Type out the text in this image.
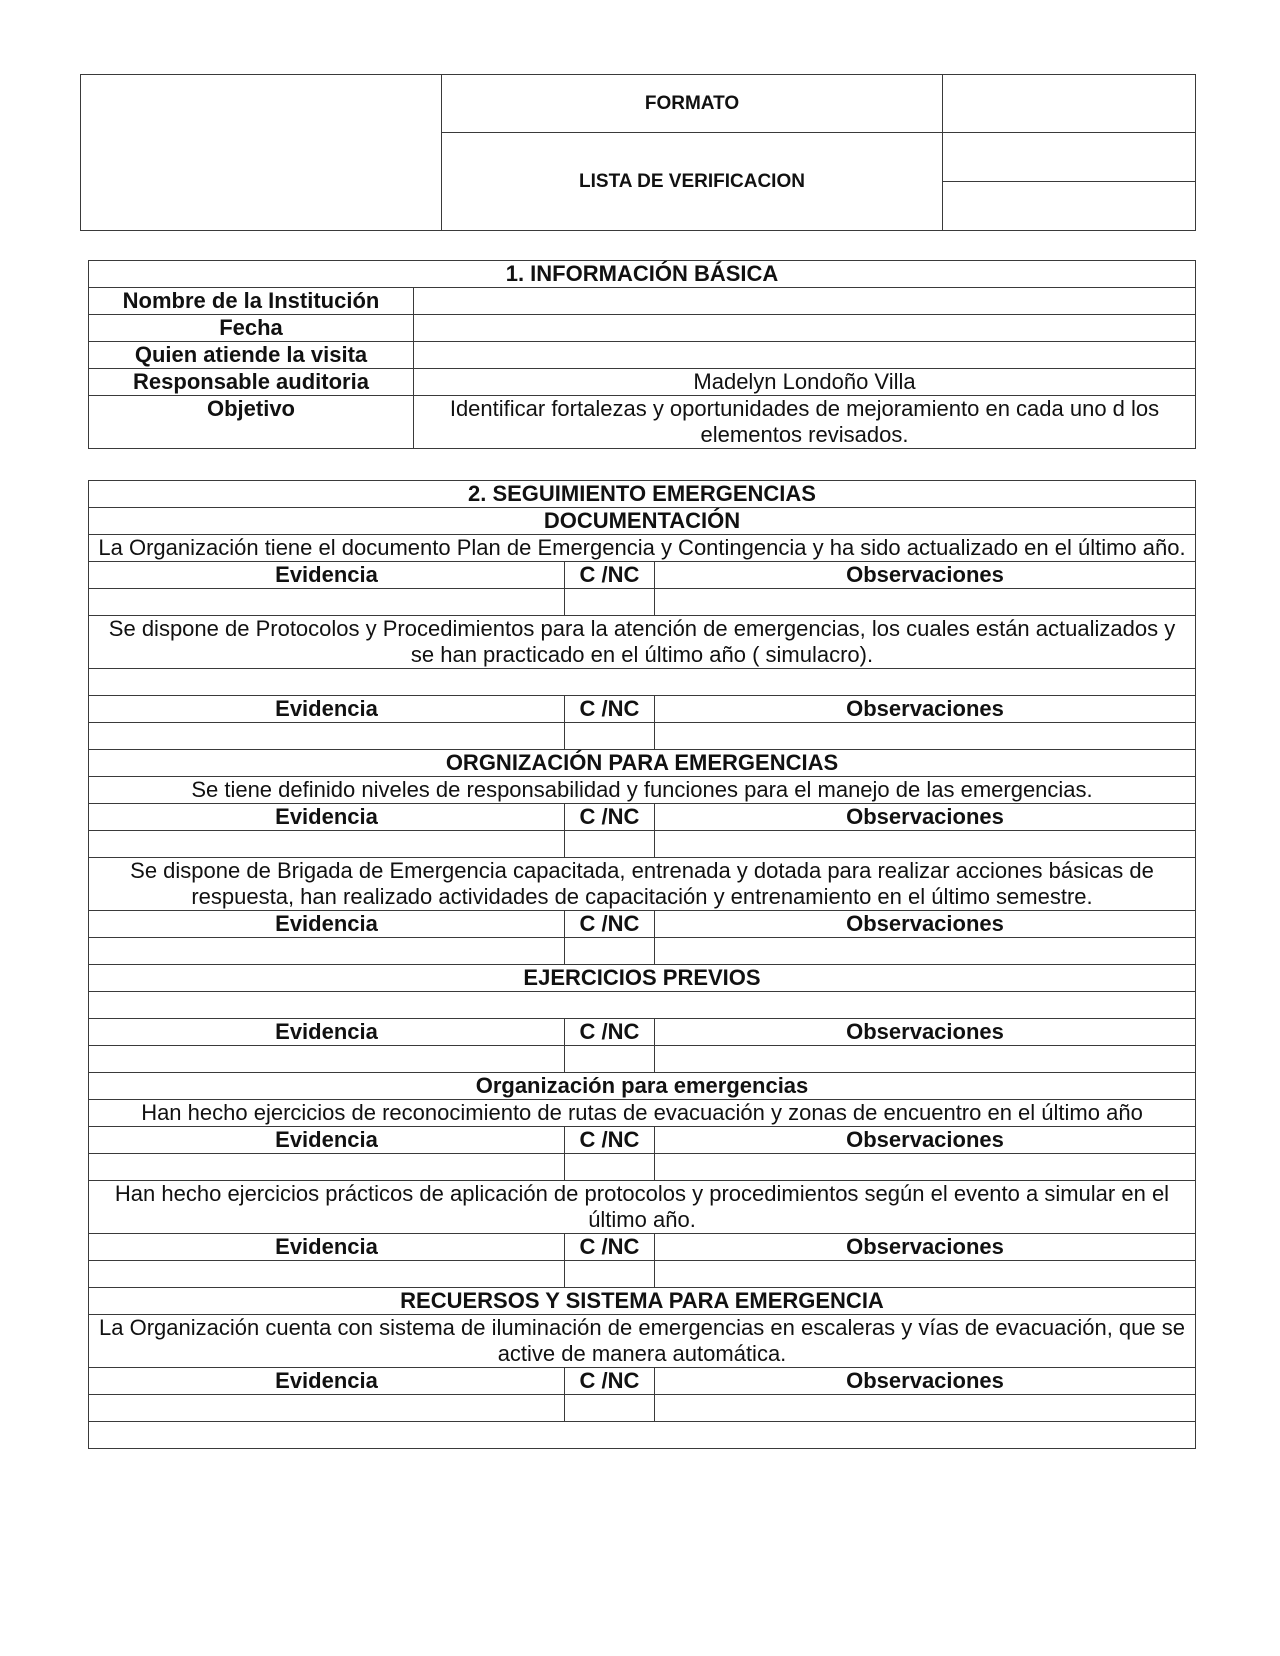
	FORMATO	
	LISTA DE VERIFICACION	

1. INFORMACIÓN BÁSICA	
Nombre de la Institución	
Fecha	
Quien atiende la visita	
Responsable auditoria	Madelyn Londoño Villa
Objetivo	Identificar fortalezas y oportunidades de mejoramiento en cada uno d los elementos revisados.
2. SEGUIMIENTO EMERGENCIAS		
DOCUMENTACIÓN		
La Organización tiene el documento Plan de Emergencia y Contingencia y ha sido actualizado en el último año.		
Evidencia	C /NC	Observaciones

Se dispone de Protocolos y Procedimientos para la atención de emergencias, los cuales están actualizados y se han practicado en el último año ( simulacro).		

Evidencia	C /NC	Observaciones

ORGNIZACIÓN PARA EMERGENCIAS		
Se tiene definido niveles de responsabilidad y funciones para el manejo de las emergencias.		
Evidencia	C /NC	Observaciones

Se dispone de Brigada de Emergencia capacitada, entrenada y dotada para realizar acciones básicas de respuesta, han realizado actividades de capacitación y entrenamiento en el último semestre.		
Evidencia	C /NC	Observaciones

EJERCICIOS PREVIOS		

Evidencia	C /NC	Observaciones

Organización para emergencias		
Han hecho ejercicios de reconocimiento de rutas de evacuación y zonas de encuentro en el último año		
Evidencia	C /NC	Observaciones

Han hecho ejercicios prácticos de aplicación de protocolos y procedimientos según el evento a simular en el último año.		
Evidencia	C /NC	Observaciones

RECUERSOS Y SISTEMA PARA EMERGENCIA		
La Organización cuenta con sistema de iluminación de emergencias en escaleras y vías de evacuación, que se active de manera automática.		
Evidencia	C /NC	Observaciones
